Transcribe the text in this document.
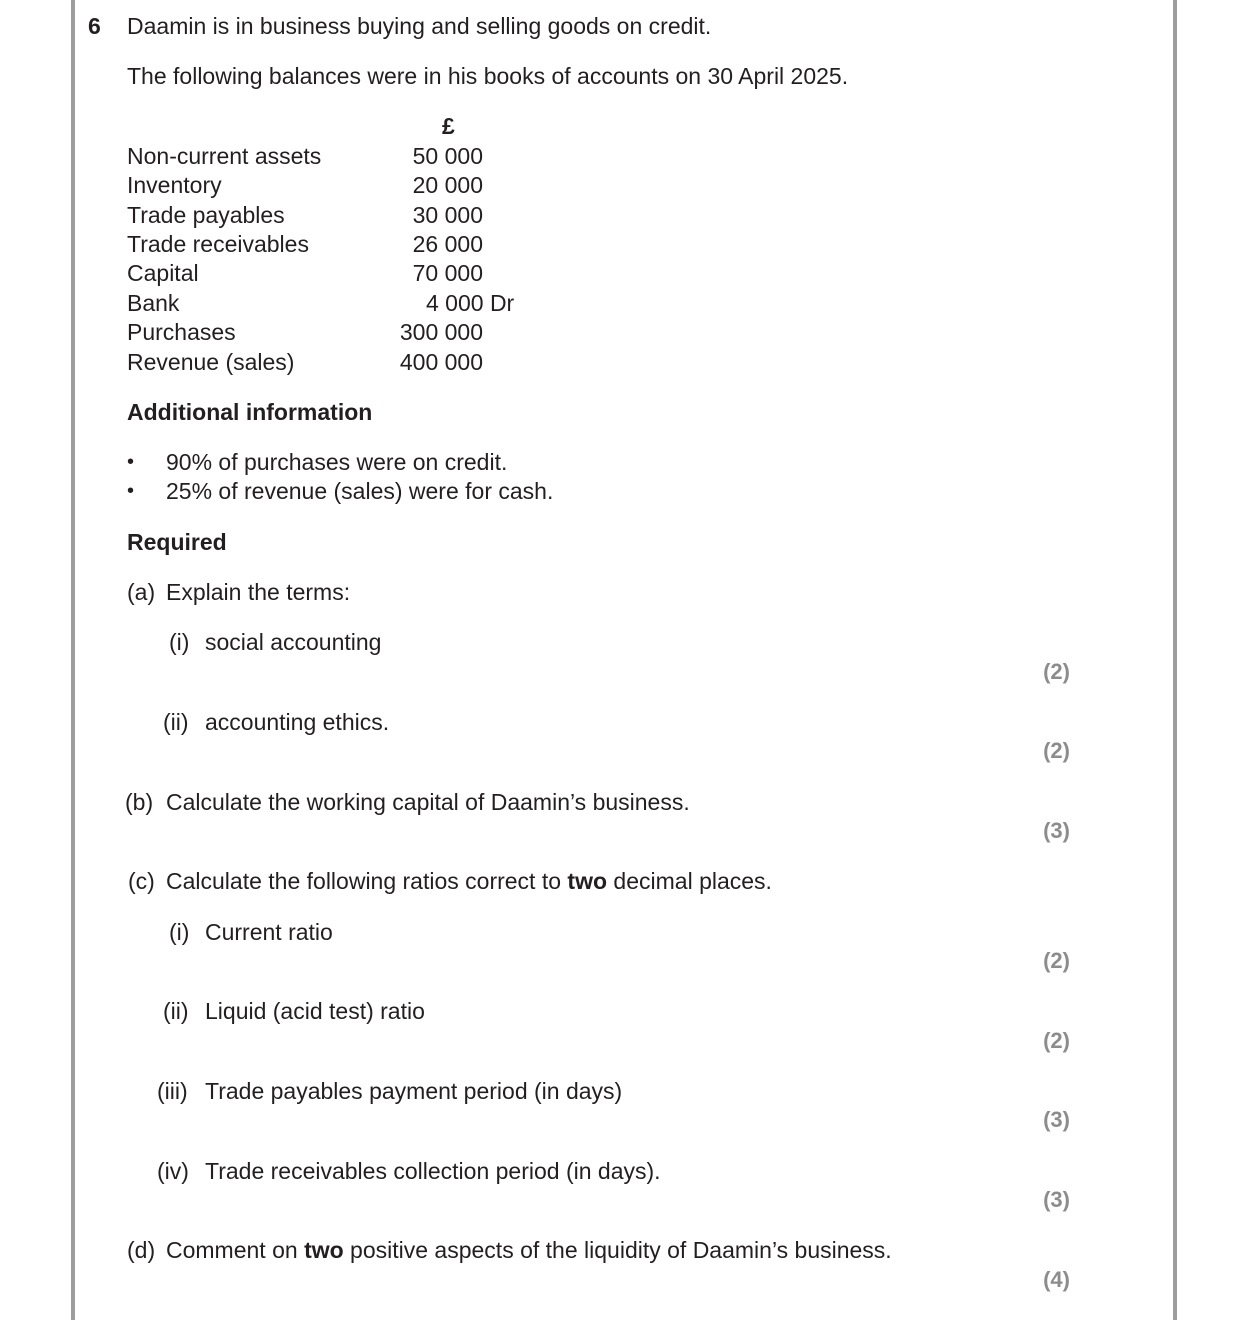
6 Daamin is in business buying and selling goods on credit.
The following balances were in his books of accounts on 30 April 2025.
£
Non-current assets	50 000
Inventory	20 000
Trade payables	30 000
Trade receivables	26 000
Capital	70 000
Bank	4 000 Dr
Purchases	300 000
Revenue (sales)	400 000
Additional information
• 90% of purchases were on credit.
• 25% of revenue (sales) were for cash.
Required
(a) Explain the terms:
(i) social accounting
(2)
(ii) accounting ethics.
(2)
(b) Calculate the working capital of Daamin’s business.
(3)
(c) Calculate the following ratios correct to two decimal places.
(i) Current ratio
(2)
(ii) Liquid (acid test) ratio
(2)
(iii) Trade payables payment period (in days)
(3)
(iv) Trade receivables collection period (in days).
(3)
(d) Comment on two positive aspects of the liquidity of Daamin’s business.
(4)
